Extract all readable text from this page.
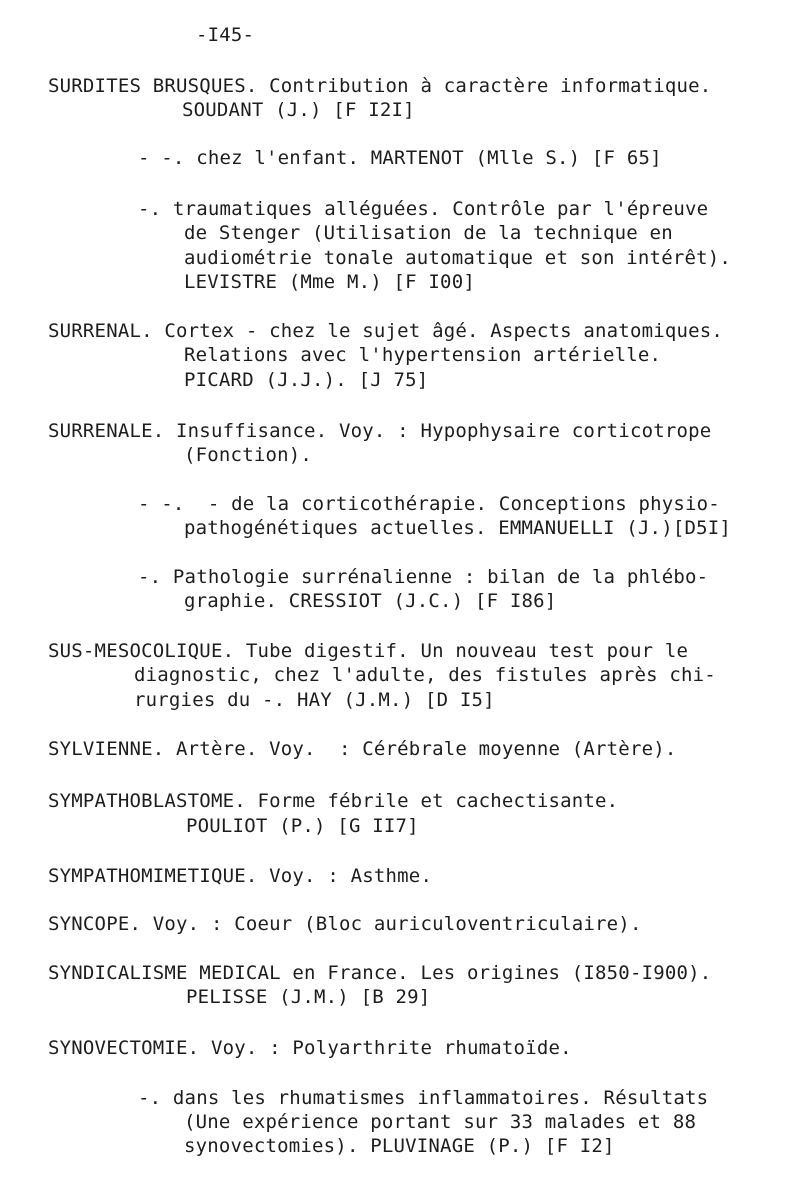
-I45-
SURDITES BRUSQUES. Contribution à caractère informatique.
SOUDANT (J.) [F I2I]
- -. chez l'enfant. MARTENOT (Mlle S.) [F 65]
-. traumatiques alléguées. Contrôle par l'épreuve
de Stenger (Utilisation de la technique en
audiométrie tonale automatique et son intérêt).
LEVISTRE (Mme M.) [F I00]
SURRENAL. Cortex - chez le sujet âgé. Aspects anatomiques.
Relations avec l'hypertension artérielle.
PICARD (J.J.). [J 75]
SURRENALE. Insuffisance. Voy. : Hypophysaire corticotrope
(Fonction).
- -.  - de la corticothérapie. Conceptions physio-
pathogénétiques actuelles. EMMANUELLI (J.)[D5I]
-. Pathologie surrénalienne : bilan de la phlébo-
graphie. CRESSIOT (J.C.) [F I86]
SUS-MESOCOLIQUE. Tube digestif. Un nouveau test pour le
diagnostic, chez l'adulte, des fistules après chi-
rurgies du -. HAY (J.M.) [D I5]
SYLVIENNE. Artère. Voy.  : Cérébrale moyenne (Artère).
SYMPATHOBLASTOME. Forme fébrile et cachectisante.
POULIOT (P.) [G II7]
SYMPATHOMIMETIQUE. Voy. : Asthme.
SYNCOPE. Voy. : Coeur (Bloc auriculoventriculaire).
SYNDICALISME MEDICAL en France. Les origines (I850-I900).
PELISSE (J.M.) [B 29]
SYNOVECTOMIE. Voy. : Polyarthrite rhumatoïde.
-. dans les rhumatismes inflammatoires. Résultats
(Une expérience portant sur 33 malades et 88
synovectomies). PLUVINAGE (P.) [F I2]
